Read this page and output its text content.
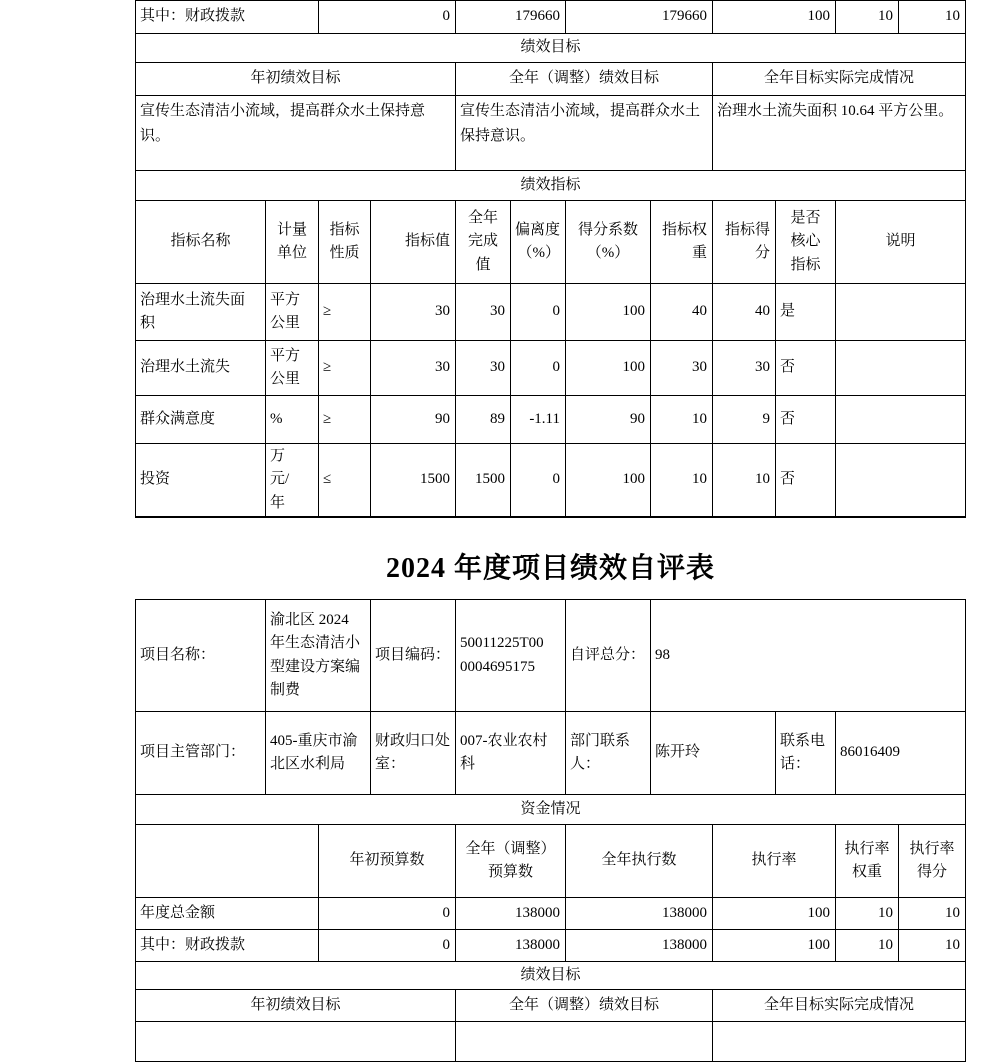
其中：财政拨款		0		179660		179660		100		10	10
绩效目标											
年初绩效目标				全年（调整）绩效目标				全年目标实际完成情况			
宣传生态清洁小流域，提高群众水土保持意识。				宣传生态清洁小流域，提高群众水土保持意识。				治理水土流失面积 10.64 平方公里。			
绩效指标											
指标名称	计量单位	指标性质	指标值	全年完成值	偏离度（%）	得分系数（%）	指标权重	指标得分	是否核心指标	说明	
治理水土流失面积	平方公里	≥	30	30	0	100	40	40	是		
治理水土流失	平方公里	≥	30	30	0	100	30	30	否		
群众满意度	%	≥	90	89	-1.11	90	10	9	否		
投资	万元/年	≤	1500	1500	0	100	10	10	否		
2024 年度项目绩效自评表
项目名称：	渝北区 2024 年生态清洁小型建设方案编制费		项目编码：	50011225T000004695175	自评总分：	98				
项目主管部门：	405-重庆市渝北区水利局		财政归口处室：	007-农业农村科	部门联系人：	陈开玲		联系电话：	86016409	
资金情况										
		年初预算数		全年（调整）预算数	全年执行数		执行率		执行率权重	执行率得分
年度总金额		0		138000	138000		100		10	10
其中：财政拨款		0		138000	138000		100		10	10
绩效目标										
年初绩效目标				全年（调整）绩效目标			全年目标实际完成情况			
